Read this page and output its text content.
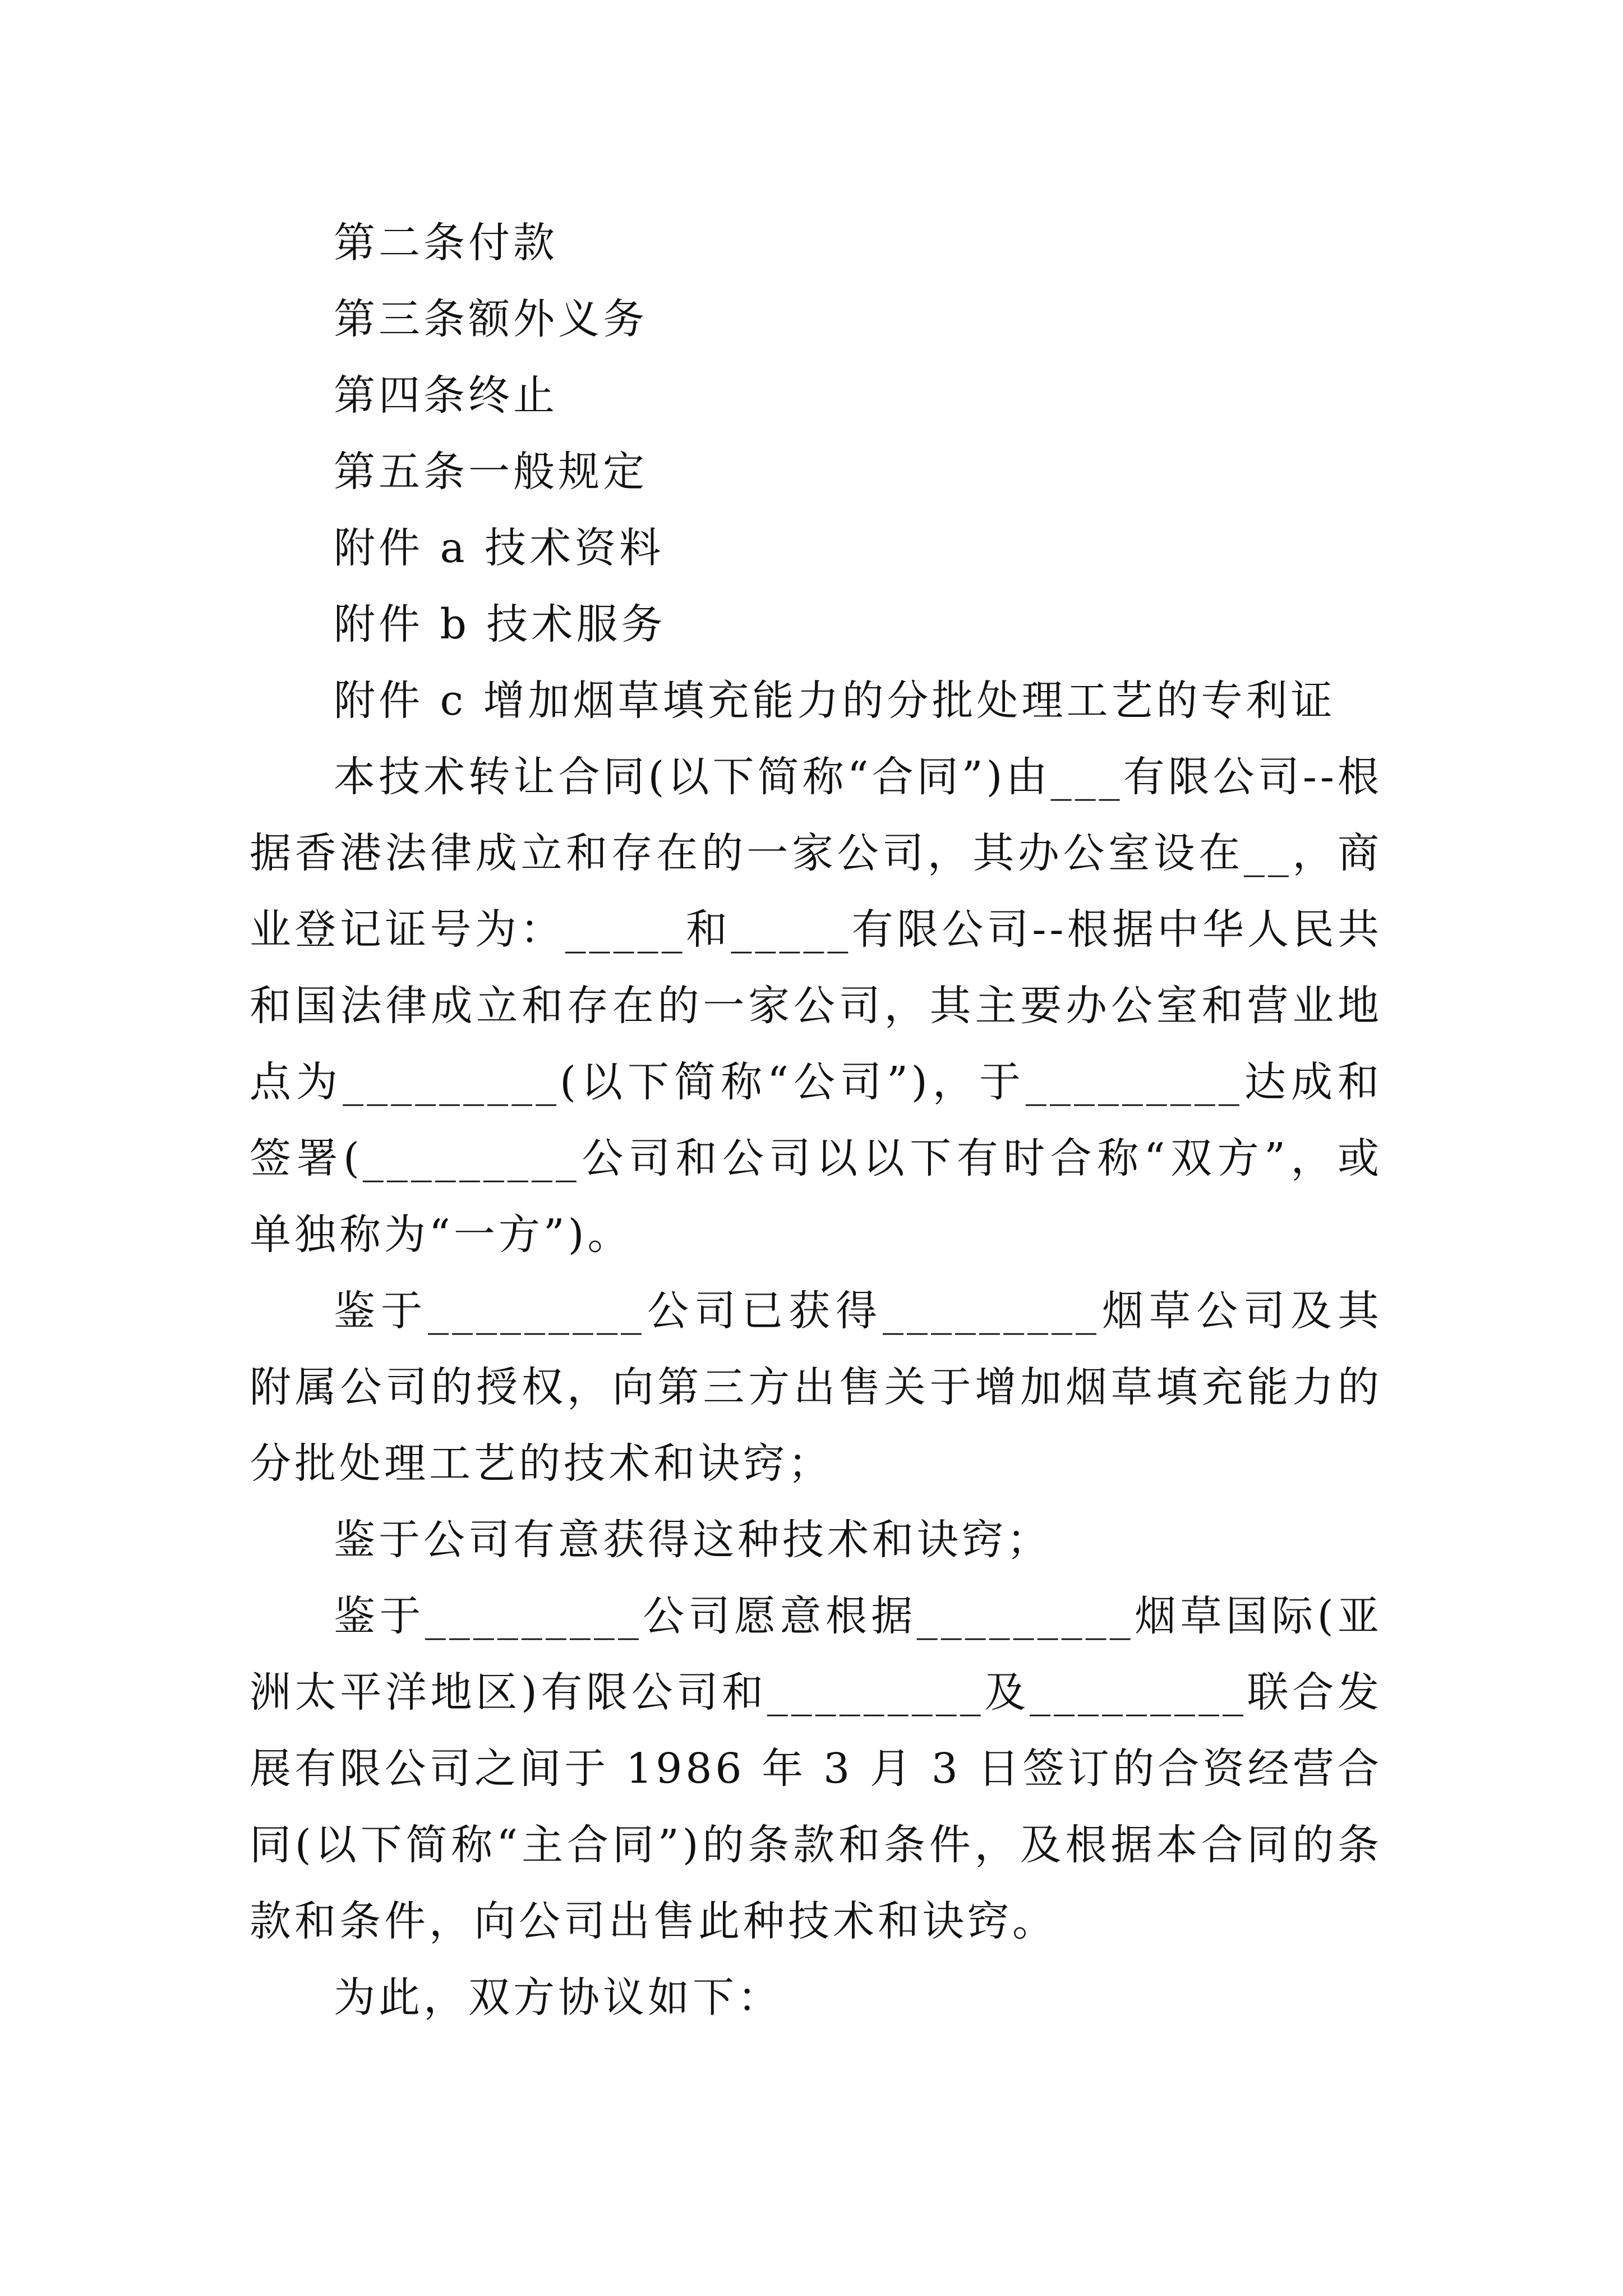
第二条付款
第三条额外义务
第四条终止
第五条一般规定
附件 a 技术资料
附件 b 技术服务
附件 c 增加烟草填充能力的分批处理工艺的专利证

本技术转让合同(以下简称“合同”)由___有限公司--根据香港法律成立和存在的一家公司，其办公室设在__，商业登记证号为：_____和_____有限公司--根据中华人民共和国法律成立和存在的一家公司，其主要办公室和营业地点为_________(以下简称“公司”)，于_________达成和签署(_________公司和公司以以下有时合称“双方”，或单独称为“一方”)。

鉴于_________公司已获得_________烟草公司及其附属公司的授权，向第三方出售关于增加烟草填充能力的分批处理工艺的技术和诀窍；

鉴于公司有意获得这种技术和诀窍；

鉴于_________公司愿意根据_________烟草国际(亚洲太平洋地区)有限公司和_________及_________联合发展有限公司之间于 1986 年 3 月 3 日签订的合资经营合同(以下简称“主合同”)的条款和条件，及根据本合同的条款和条件，向公司出售此种技术和诀窍。

为此，双方协议如下：
